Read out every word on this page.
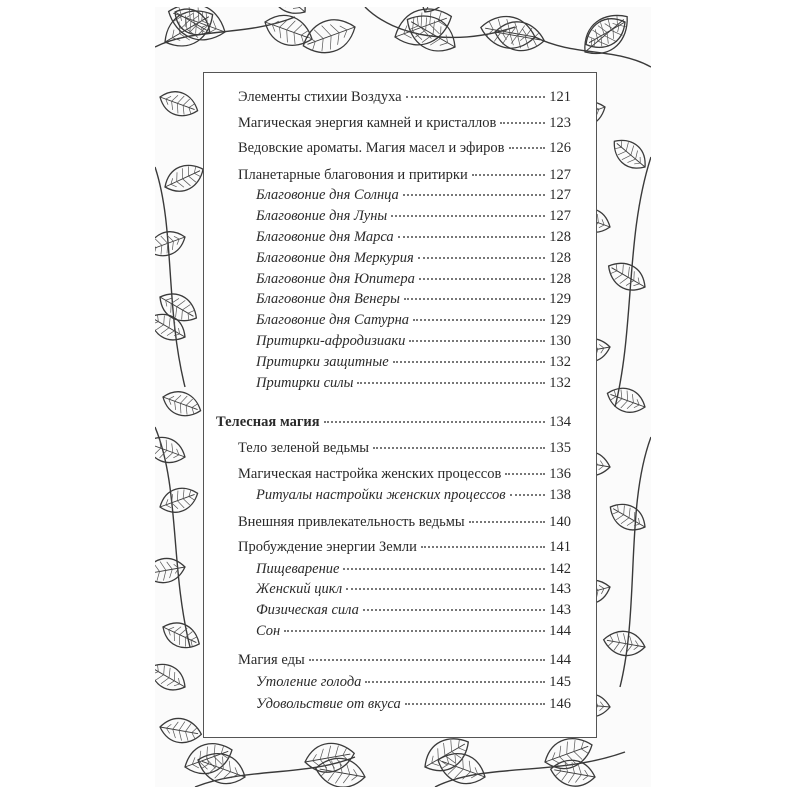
Элементы стихии Воздуха	121
Магическая энергия камней и кристаллов	123
Ведовские ароматы. Магия масел и эфиров	126
Планетарные благовония и притирки	127
Благовоние дня Солнца	127
Благовоние дня Луны	127
Благовоние дня Марса	128
Благовоние дня Меркурия	128
Благовоние дня Юпитера	128
Благовоние дня Венеры	129
Благовоние дня Сатурна	129
Притирки-афродизиаки	130
Притирки защитные	132
Притирки силы	132
Телесная магия	134
Тело зеленой ведьмы	135
Магическая настройка женских процессов	136
Ритуалы настройки женских процессов	138
Внешняя привлекательность ведьмы	140
Пробуждение энергии Земли	141
Пищеварение	142
Женский цикл	143
Физическая сила	143
Сон	144
Магия еды	144
Утоление голода	145
Удовольствие от вкуса	146
